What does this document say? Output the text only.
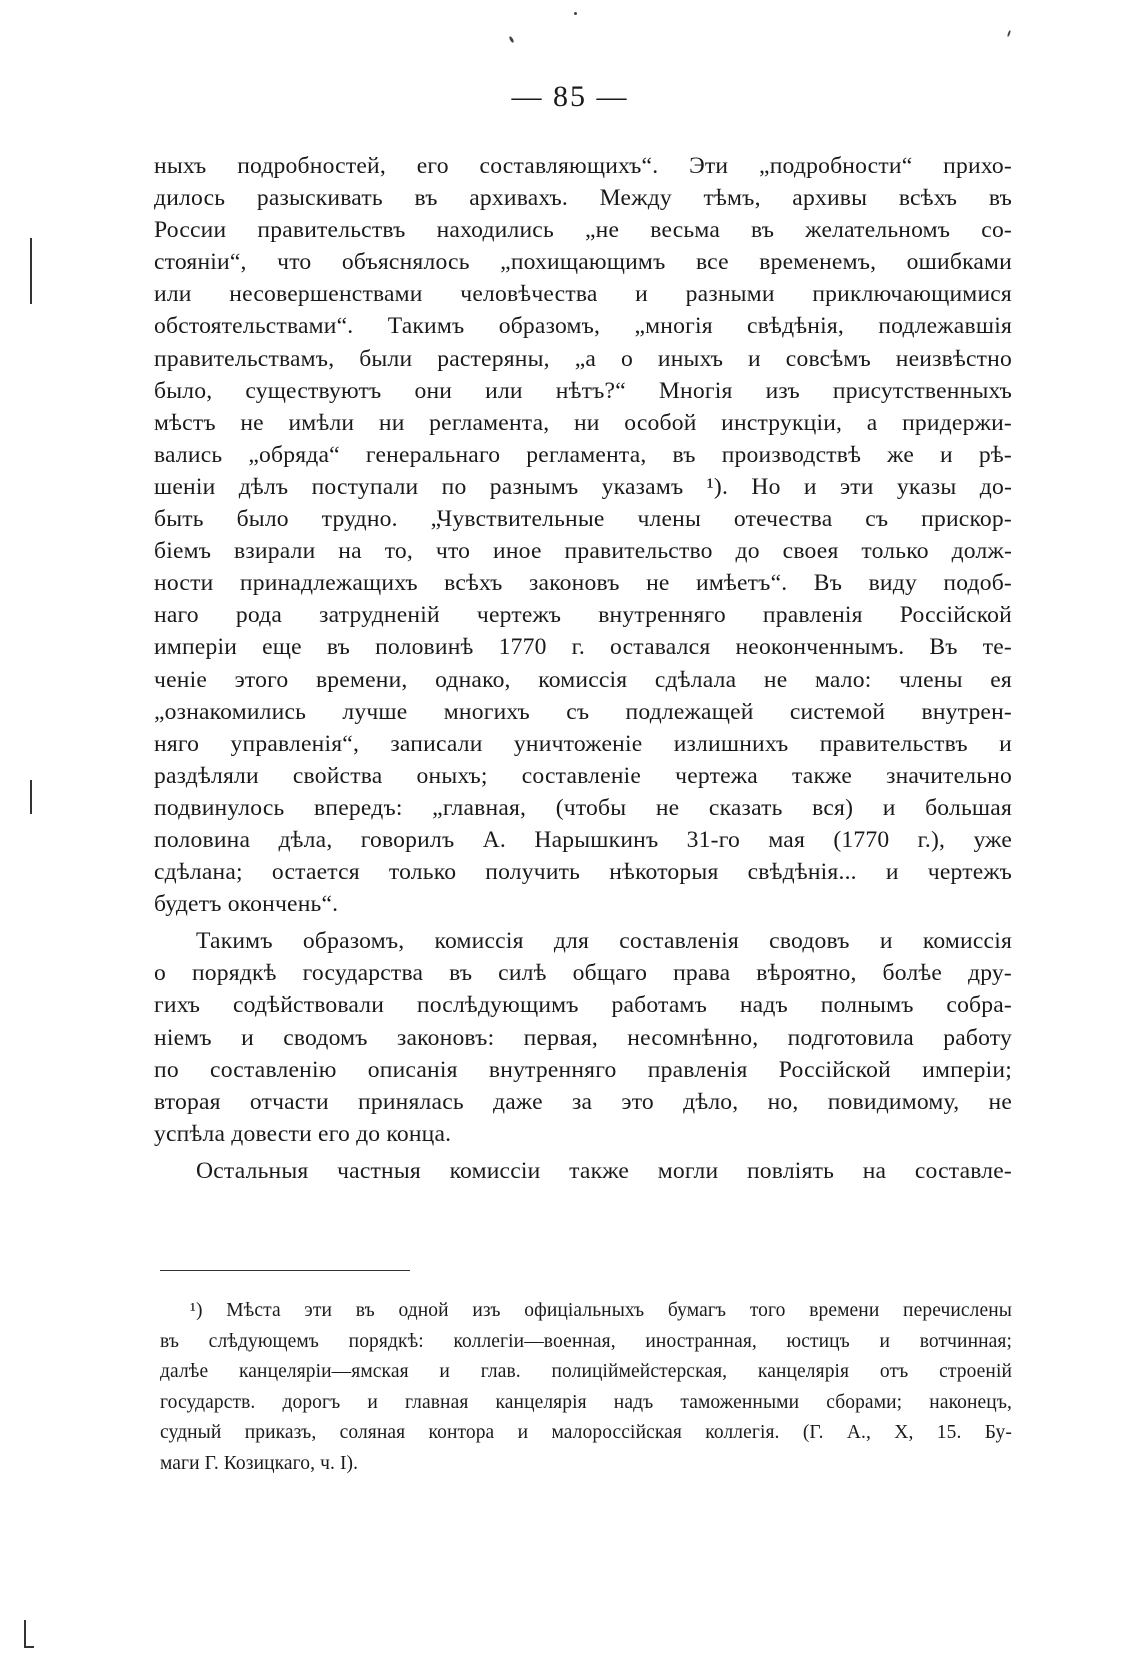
— 85 —
ныхъ подробностей, его составляющихъ“. Эти „подробности“ прихо-
дилось разыскивать въ архивахъ. Между тѣмъ, архивы всѣхъ въ
России правительствъ находились „не весьма въ желательномъ со-
стояніи“, что объяснялось „похищающимъ все временемъ, ошибками
или несовершенствами человѣчества и разными приключающимися
обстоятельствами“. Такимъ образомъ, „многія свѣдѣнія, подлежавшія
правительствамъ, были растеряны, „а о иныхъ и совсѣмъ неизвѣстно
было, существуютъ они или нѣтъ?“ Многія изъ присутственныхъ
мѣстъ не имѣли ни регламента, ни особой инструкціи, а придержи-
вались „обряда“ генеральнаго регламента, въ производствѣ же и рѣ-
шеніи дѣлъ поступали по разнымъ указамъ ¹). Но и эти указы до-
быть было трудно. „Чувствительные члены отечества съ прискор-
біемъ взирали на то, что иное правительство до своея только долж-
ности принадлежащихъ всѣхъ законовъ не имѣетъ“. Въ виду подоб-
наго рода затрудненій чертежъ внутренняго правленія Россійской
имперіи еще въ половинѣ 1770 г. оставался неоконченнымъ. Въ те-
ченіе этого времени, однако, комиссія сдѣлала не мало: члены ея
„ознакомились лучше многихъ съ подлежащей системой внутрен-
няго управленія“, записали уничтоженіе излишнихъ правительствъ и
раздѣляли свойства оныхъ; составленіе чертежа также значительно
подвинулось впередъ: „главная, (чтобы не сказать вся) и большая
половина дѣла, говорилъ А. Нарышкинъ 31-го мая (1770 г.), уже
сдѣлана; остается только получить нѣкоторыя свѣдѣнія... и чертежъ
будетъ окончень“.
Такимъ образомъ, комиссія для составленія сводовъ и комиссія
о порядкѣ государства въ силѣ общаго права вѣроятно, болѣе дру-
гихъ содѣйствовали послѣдующимъ работамъ надъ полнымъ собра-
ніемъ и сводомъ законовъ: первая, несомнѣнно, подготовила работу
по составленію описанія внутренняго правленія Россійской имперіи;
вторая отчасти принялась даже за это дѣло, но, повидимому, не
успѣла довести его до конца.
Остальныя частныя комиссіи также могли повліять на составле-
¹) Мѣста эти въ одной изъ офиціальныхъ бумагъ того времени перечислены
въ слѣдующемъ порядкѣ: коллегіи—военная, иностранная, юстицъ и вотчинная;
далѣе канцеляріи—ямская и глав. полиціймейстерская, канцелярія отъ строеній
государств. дорогъ и главная канцелярія надъ таможенными сборами; наконецъ,
судный приказъ, соляная контора и малороссійская коллегія. (Г. А., X, 15. Бу-
маги Г. Козицкаго, ч. I).
